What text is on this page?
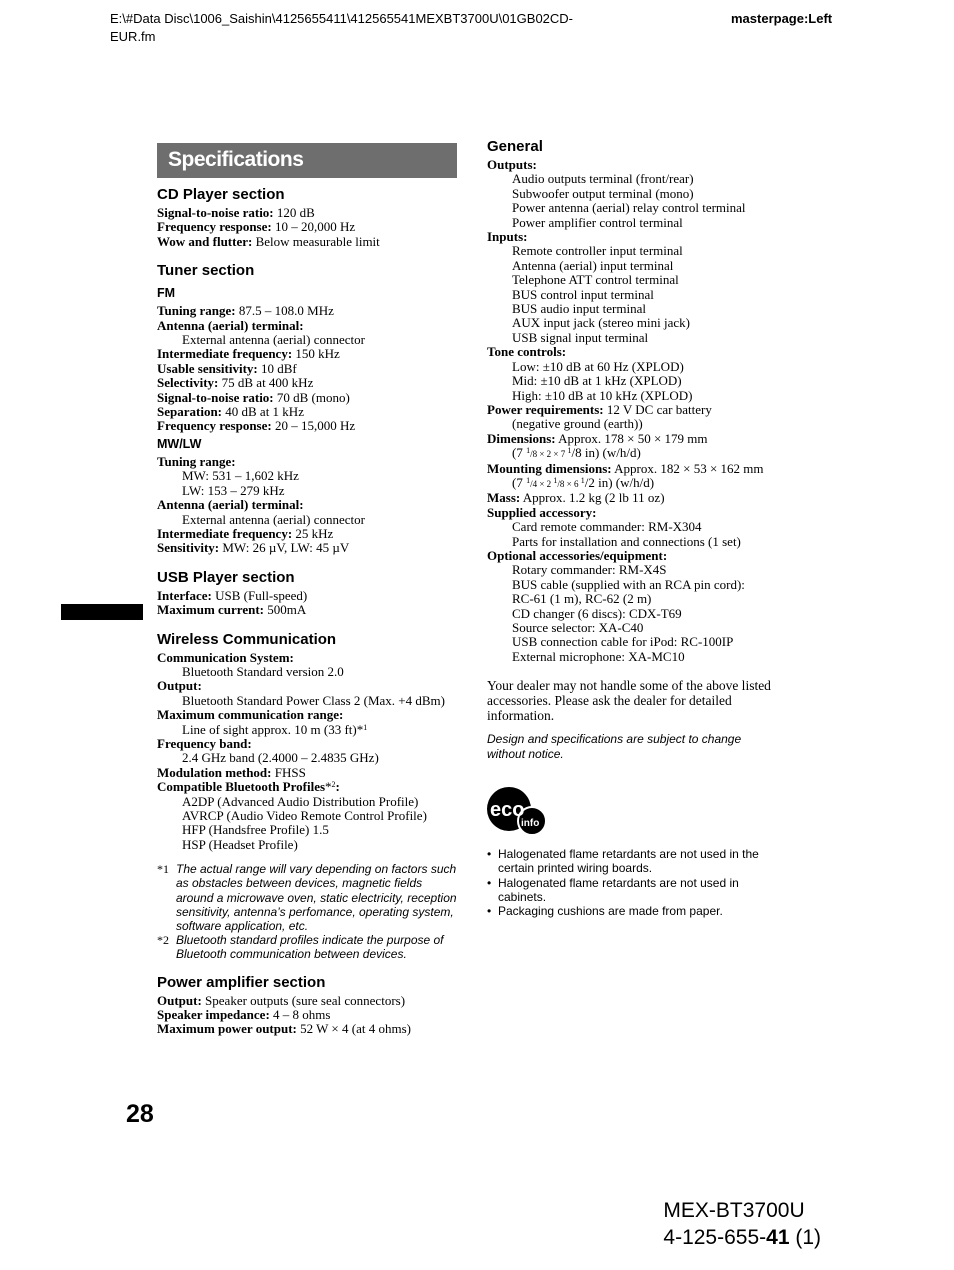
E:\#Data Disc\1006_Saishin\4125655411\412565541MEXBT3700U\01GB02CD-
EUR.fm
masterpage:Left
Specifications
CD Player section
Signal-to-noise ratio: 120 dB
Frequency response: 10 – 20,000 Hz
Wow and flutter: Below measurable limit
Tuner section
FM
Tuning range: 87.5 – 108.0 MHz
Antenna (aerial) terminal:
External antenna (aerial) connector
Intermediate frequency: 150 kHz
Usable sensitivity: 10 dBf
Selectivity: 75 dB at 400 kHz
Signal-to-noise ratio: 70 dB (mono)
Separation: 40 dB at 1 kHz
Frequency response: 20 – 15,000 Hz
MW/LW
Tuning range:
MW: 531 – 1,602 kHz
LW: 153 – 279 kHz
Antenna (aerial) terminal:
External antenna (aerial) connector
Intermediate frequency: 25 kHz
Sensitivity: MW: 26 µV, LW: 45 µV
USB Player section
Interface: USB (Full-speed)
Maximum current: 500mA
Wireless Communication
Communication System:
Bluetooth Standard version 2.0
Output:
Bluetooth Standard Power Class 2 (Max. +4 dBm)
Maximum communication range:
Line of sight approx. 10 m (33 ft)*$^1$
Frequency band:
2.4 GHz band (2.4000 – 2.4835 GHz)
Modulation method: FHSS
Compatible Bluetooth Profiles*$^2$:
A2DP (Advanced Audio Distribution Profile)
AVRCP (Audio Video Remote Control Profile)
HFP (Handsfree Profile) 1.5
HSP (Headset Profile)
*1 The actual range will vary depending on factors such as obstacles between devices, magnetic fields around a microwave oven, static electricity, reception sensitivity, antenna’s perfomance, operating system, software application, etc.
*2 Bluetooth standard profiles indicate the purpose of Bluetooth communication between devices.
Power amplifier section
Output: Speaker outputs (sure seal connectors)
Speaker impedance: 4 – 8 ohms
Maximum power output: 52 W × 4 (at 4 ohms)
General
Outputs:
Audio outputs terminal (front/rear)
Subwoofer output terminal (mono)
Power antenna (aerial) relay control terminal
Power amplifier control terminal
Inputs:
Remote controller input terminal
Antenna (aerial) input terminal
Telephone ATT control terminal
BUS control input terminal
BUS audio input terminal
AUX input jack (stereo mini jack)
USB signal input terminal
Tone controls:
Low: ±10 dB at 60 Hz (XPLOD)
Mid: ±10 dB at 1 kHz (XPLOD)
High: ±10 dB at 10 kHz (XPLOD)
Power requirements: 12 V DC car battery
(negative ground (earth))
Dimensions: Approx. 178 × 50 × 179 mm
(7 $^1$/8 × 2 × 7 $^1$/8 in) (w/h/d)
Mounting dimensions: Approx. 182 × 53 × 162 mm
(7 $^1$/4 × 2 $^1$/8 × 6 $^1$/2 in) (w/h/d)
Mass: Approx. 1.2 kg (2 lb 11 oz)
Supplied accessory:
Card remote commander: RM-X304
Parts for installation and connections (1 set)
Optional accessories/equipment:
Rotary commander: RM-X4S
BUS cable (supplied with an RCA pin cord):
RC-61 (1 m), RC-62 (2 m)
CD changer (6 discs): CDX-T69
Source selector: XA-C40
USB connection cable for iPod: RC-100IP
External microphone: XA-MC10
Your dealer may not handle some of the above listed accessories. Please ask the dealer for detailed information.
Design and specifications are subject to change without notice.
eco
info
• Halogenated flame retardants are not used in the certain printed wiring boards.
• Halogenated flame retardants are not used in cabinets.
• Packaging cushions are made from paper.
28
MEX-BT3700U
4-125-655-41 (1)
